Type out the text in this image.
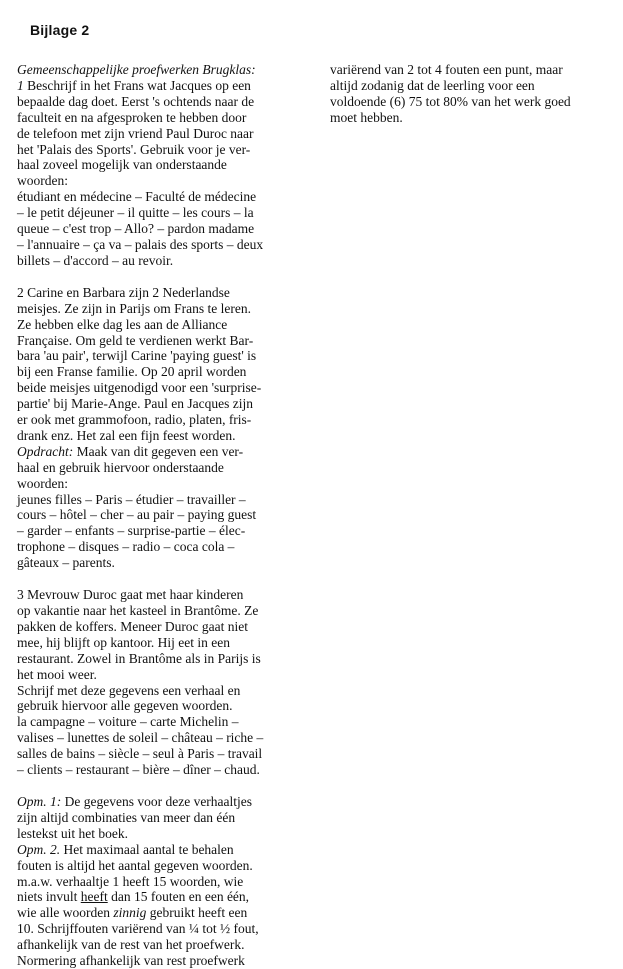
Bijlage 2
Gemeenschappelijke proefwerken Brugklas:
1 Beschrijf in het Frans wat Jacques op een
bepaalde dag doet. Eerst 's ochtends naar de
faculteit en na afgesproken te hebben door
de telefoon met zijn vriend Paul Duroc naar
het 'Palais des Sports'. Gebruik voor je ver-
haal zoveel mogelijk van onderstaande
woorden:
étudiant en médecine – Faculté de médecine
– le petit déjeuner – il quitte – les cours – la
queue – c'est trop – Allo? – pardon madame
– l'annuaire – ça va – palais des sports – deux
billets – d'accord – au revoir.
2 Carine en Barbara zijn 2 Nederlandse
meisjes. Ze zijn in Parijs om Frans te leren.
Ze hebben elke dag les aan de Alliance
Française. Om geld te verdienen werkt Bar-
bara 'au pair', terwijl Carine 'paying guest' is
bij een Franse familie. Op 20 april worden
beide meisjes uitgenodigd voor een 'surprise-
partie' bij Marie-Ange. Paul en Jacques zijn
er ook met grammofoon, radio, platen, fris-
drank enz. Het zal een fijn feest worden.
Opdracht: Maak van dit gegeven een ver-
haal en gebruik hiervoor onderstaande
woorden:
jeunes filles – Paris – étudier – travailler –
cours – hôtel – cher – au pair – paying guest
– garder – enfants – surprise-partie – élec-
trophone – disques – radio – coca cola –
gâteaux – parents.
3 Mevrouw Duroc gaat met haar kinderen
op vakantie naar het kasteel in Brantôme. Ze
pakken de koffers. Meneer Duroc gaat niet
mee, hij blijft op kantoor. Hij eet in een
restaurant. Zowel in Brantôme als in Parijs is
het mooi weer.
Schrijf met deze gegevens een verhaal en
gebruik hiervoor alle gegeven woorden.
la campagne – voiture – carte Michelin –
valises – lunettes de soleil – château – riche –
salles de bains – siècle – seul à Paris – travail
– clients – restaurant – bière – dîner – chaud.
Opm. 1: De gegevens voor deze verhaaltjes
zijn altijd combinaties van meer dan één
lestekst uit het boek.
Opm. 2. Het maximaal aantal te behalen
fouten is altijd het aantal gegeven woorden.
m.a.w. verhaaltje 1 heeft 15 woorden, wie
niets invult heeft dan 15 fouten en een één,
wie alle woorden zinnig gebruikt heeft een
10. Schrijffouten variërend van ¼ tot ½ fout,
afhankelijk van de rest van het proefwerk.
Normering afhankelijk van rest proefwerk
variërend van 2 tot 4 fouten een punt, maar
altijd zodanig dat de leerling voor een
voldoende (6) 75 tot 80% van het werk goed
moet hebben.
